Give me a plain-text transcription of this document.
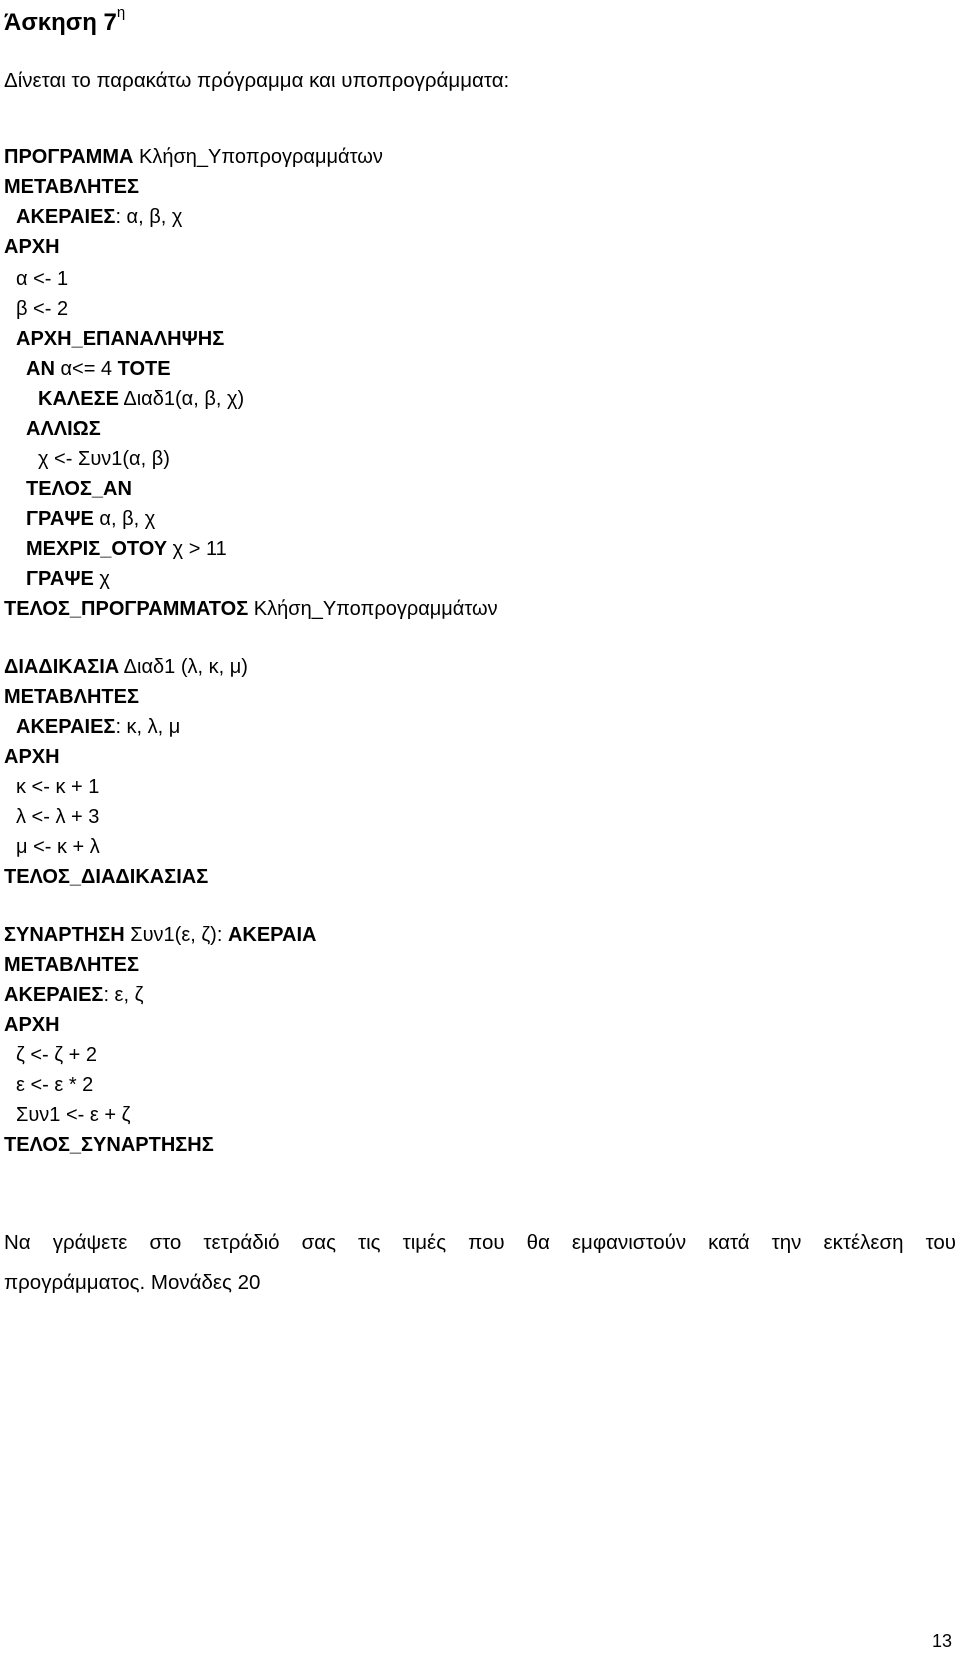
Άσκηση $7^\eta$
Δίνεται το παρακάτω πρόγραμμα και υποπρογράμματα:
ΠΡΟΓΡΑΜΜΑ Κλήση_Υποπρογραμμάτων
ΜΕΤΑΒΛΗΤΕΣ
ΑΚΕΡΑΙΕΣ: α, β, χ
ΑΡΧΗ
α <- 1
β <- 2
ΑΡΧΗ_ΕΠΑΝΑΛΗΨΗΣ
ΑΝ α<= 4 ΤΟΤΕ
ΚΑΛΕΣΕ Διαδ1(α, β, χ)
ΑΛΛΙΩΣ
χ <- Συν1(α, β)
ΤΕΛΟΣ_ΑΝ
ΓΡΑΨΕ α, β, χ
ΜΕΧΡΙΣ_ΟΤΟΥ χ > 11
ΓΡΑΨΕ χ
ΤΕΛΟΣ_ΠΡΟΓΡΑΜΜΑΤΟΣ Κλήση_Υποπρογραμμάτων
ΔΙΑΔΙΚΑΣΙΑ Διαδ1 (λ, κ, μ)
ΜΕΤΑΒΛΗΤΕΣ
ΑΚΕΡΑΙΕΣ: κ, λ, μ
ΑΡΧΗ
κ <- κ + 1
λ <- λ + 3
μ <- κ + λ
ΤΕΛΟΣ_ΔΙΑΔΙΚΑΣΙΑΣ
ΣΥΝΑΡΤΗΣΗ Συν1(ε, ζ): ΑΚΕΡΑΙΑ
ΜΕΤΑΒΛΗΤΕΣ
ΑΚΕΡΑΙΕΣ: ε, ζ
ΑΡΧΗ
ζ <- ζ + 2
ε <- ε * 2
Συν1 <- ε + ζ
ΤΕΛΟΣ_ΣΥΝΑΡΤΗΣΗΣ
Να γράψετε στο τετράδιό σας τις τιμές που θα εμφανιστούν κατά την εκτέλεση του
προγράμματος. Μονάδες 20
13
